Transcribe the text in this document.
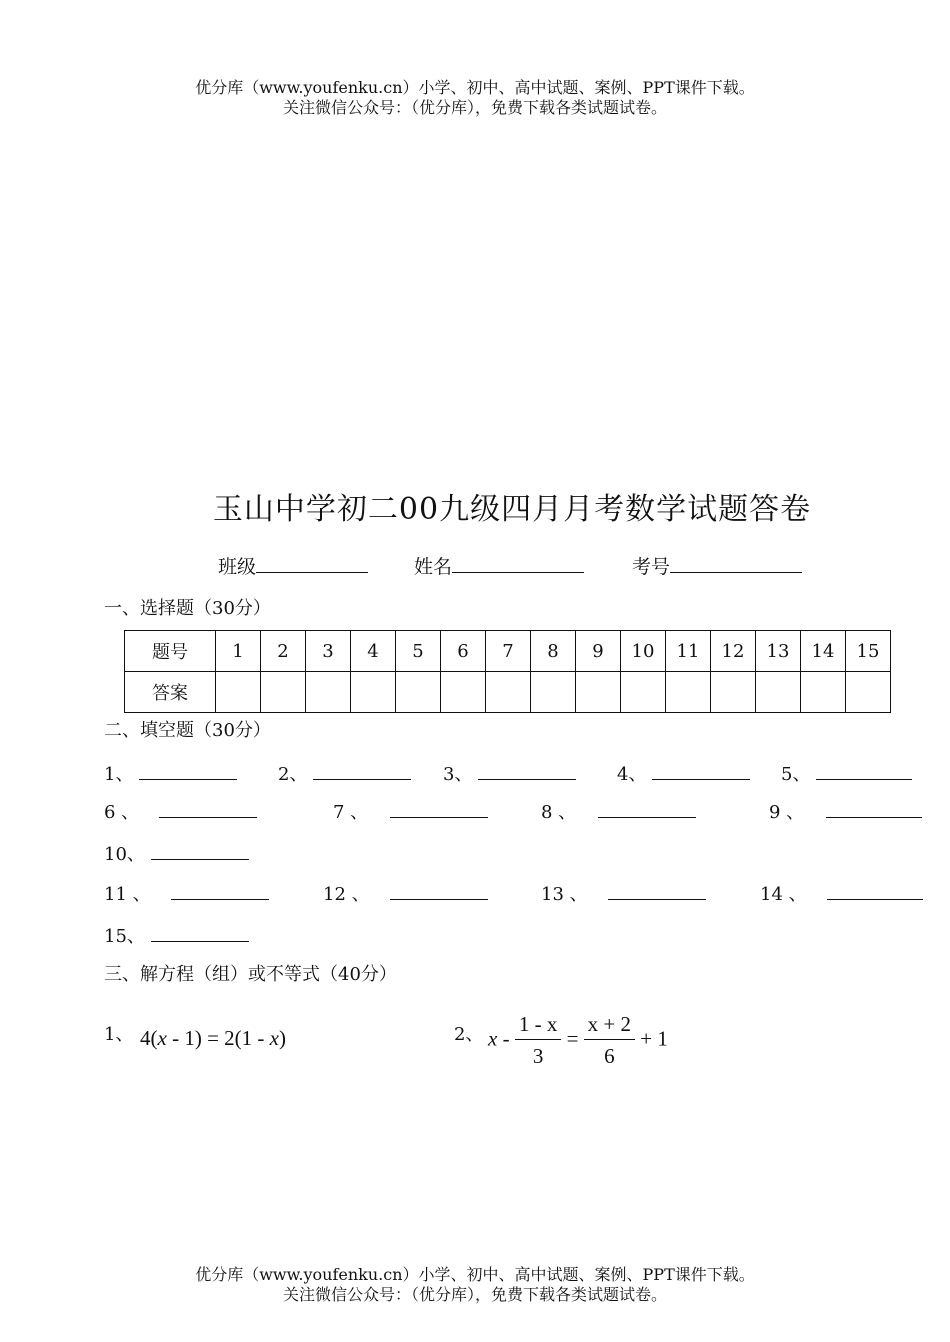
优分库（www.youfenku.cn）小学、初中、高中试题、案例、PPT课件下载。
关注微信公众号：（优分库），免费下载各类试题试卷。
玉山中学初二00九级四月月考数学试题答卷
班级	姓名	考号
一、选择题（30分）
题号	1	2	3	4	5	6	7	8	9	10	11	12	13	14	15
答案															
二、填空题（30分）
1、	2、	3、	4、	5、
6 、	7 、	8 、	9 、
10、
11 、	12 、	13 、	14 、
15、
三、解方程（组）或不等式（40分）
1、 4(x - 1) = 2(1 - x)	2、 $x - \frac{1 - x}{3} = \frac{x + 2}{6} + 1$
优分库（www.youfenku.cn）小学、初中、高中试题、案例、PPT课件下载。
关注微信公众号：（优分库），免费下载各类试题试卷。
